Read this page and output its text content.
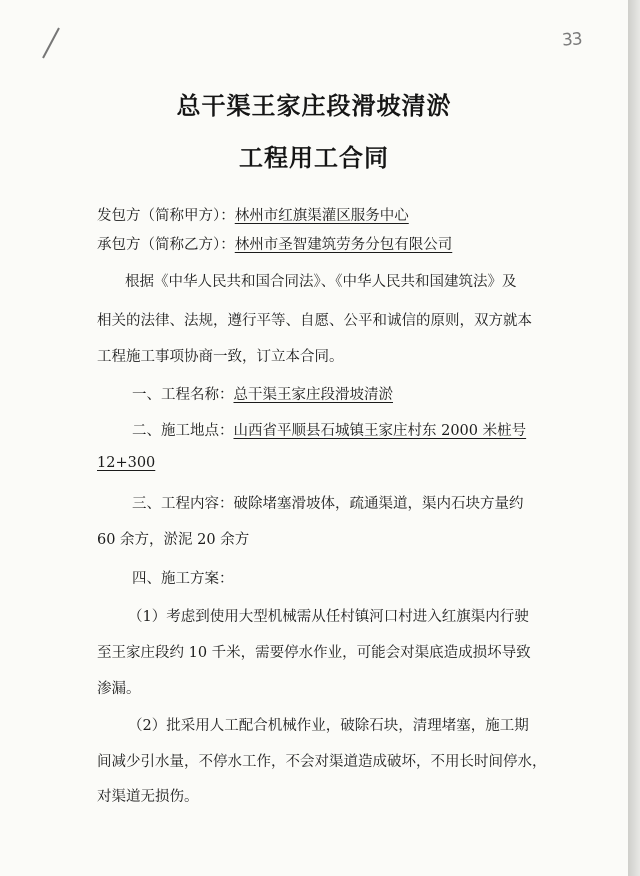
33
总干渠王家庄段滑坡清淤
工程用工合同

发包方（简称甲方）：林州市红旗渠灌区服务中心

承包方（简称乙方）：林州市圣智建筑劳务分包有限公司

根据《中华人民共和国合同法》、《中华人民共和国建筑法》及

相关的法律、法规，遵行平等、自愿、公平和诚信的原则，双方就本

工程施工事项协商一致，订立本合同。

一、工程名称：总干渠王家庄段滑坡清淤

二、施工地点：山西省平顺县石城镇王家庄村东 2000 米桩号

12+300

三、工程内容：破除堵塞滑坡体，疏通渠道，渠内石块方量约

60 余方，淤泥 20 余方

四、施工方案：

（1）考虑到使用大型机械需从任村镇河口村进入红旗渠内行驶

至王家庄段约 10 千米，需要停水作业，可能会对渠底造成损坏导致

渗漏。

（2）批采用人工配合机械作业，破除石块，清理堵塞，施工期

间减少引水量，不停水工作，不会对渠道造成破坏，不用长时间停水，

对渠道无损伤。
